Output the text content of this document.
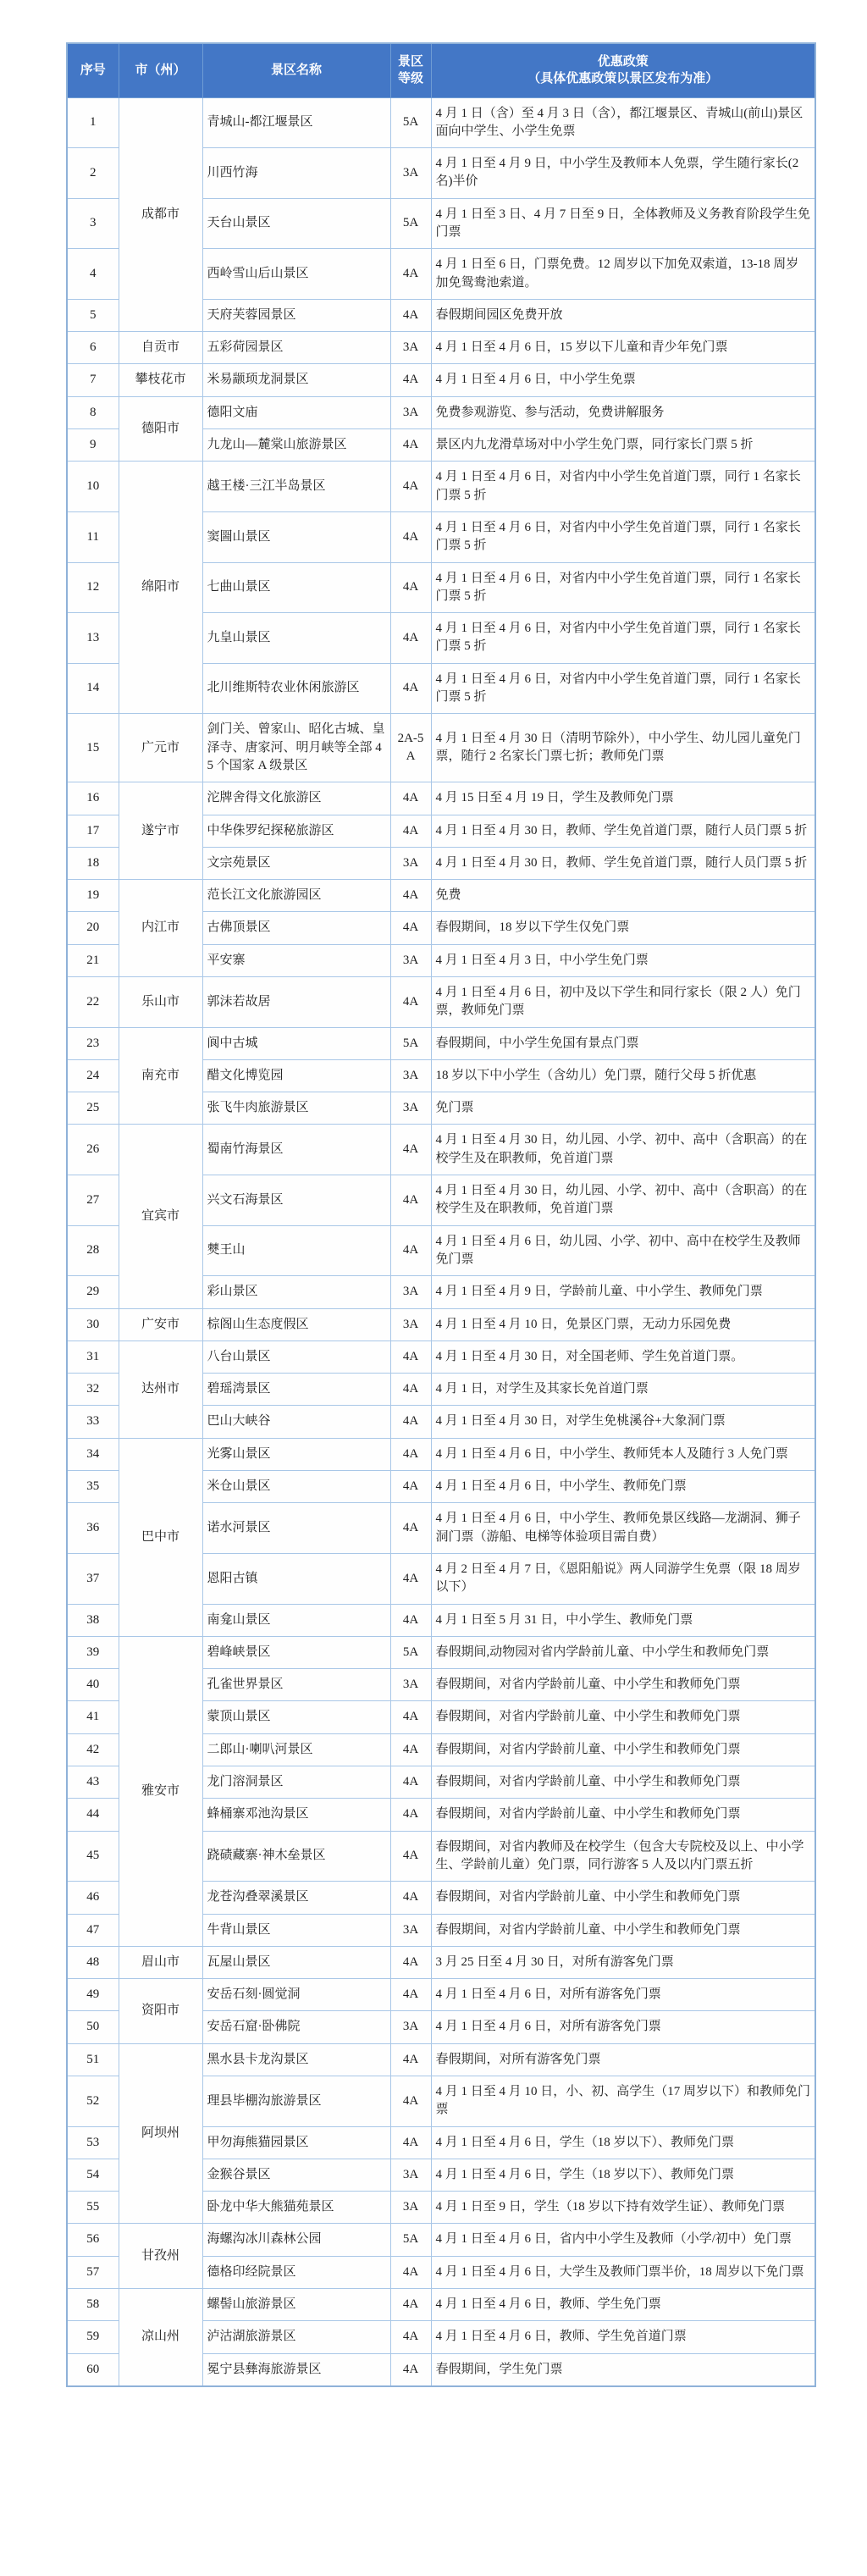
序号	市（州）	景区名称	景区等级	优惠政策
（具体优惠政策以景区发布为准）

1	成都市	青城山-都江堰景区	5A	4 月 1 日（含）至 4 月 3 日（含），都江堰景区、青城山(前山)景区面向中学生、小学生免票
2		川西竹海	3A	4 月 1 日至 4 月 9 日，中小学生及教师本人免票，学生随行家长(2 名)半价
3		天台山景区	5A	4 月 1 日至 3 日、4 月 7 日至 9 日，全体教师及义务教育阶段学生免门票
4		西岭雪山后山景区	4A	4 月 1 日至 6 日，门票免费。12 周岁以下加免双索道，13-18 周岁加免鸳鸯池索道。
5		天府芙蓉园景区	4A	春假期间园区免费开放
6	自贡市	五彩荷园景区	3A	4 月 1 日至 4 月 6 日，15 岁以下儿童和青少年免门票
7	攀枝花市	米易颛顼龙洞景区	4A	4 月 1 日至 4 月 6 日，中小学生免票
8	德阳市	德阳文庙	3A	免费参观游览、参与活动，免费讲解服务
9		九龙山—麓棠山旅游景区	4A	景区内九龙滑草场对中小学生免门票，同行家长门票 5 折
10	绵阳市	越王楼·三江半岛景区	4A	4 月 1 日至 4 月 6 日，对省内中小学生免首道门票，同行 1 名家长门票 5 折
11		窦圌山景区	4A	4 月 1 日至 4 月 6 日，对省内中小学生免首道门票，同行 1 名家长门票 5 折
12		七曲山景区	4A	4 月 1 日至 4 月 6 日，对省内中小学生免首道门票，同行 1 名家长门票 5 折
13		九皇山景区	4A	4 月 1 日至 4 月 6 日，对省内中小学生免首道门票，同行 1 名家长门票 5 折
14		北川维斯特农业休闲旅游区	4A	4 月 1 日至 4 月 6 日，对省内中小学生免首道门票，同行 1 名家长门票 5 折
15	广元市	剑门关、曾家山、昭化古城、皇泽寺、唐家河、明月峡等全部 45 个国家 A 级景区	2A-5A	4 月 1 日至 4 月 30 日（清明节除外），中小学生、幼儿园儿童免门票，随行 2 名家长门票七折；教师免门票
16	遂宁市	沱牌舍得文化旅游区	4A	4 月 15 日至 4 月 19 日，学生及教师免门票
17		中华侏罗纪探秘旅游区	4A	4 月 1 日至 4 月 30 日，教师、学生免首道门票，随行人员门票 5 折
18		文宗苑景区	3A	4 月 1 日至 4 月 30 日，教师、学生免首道门票，随行人员门票 5 折
19	内江市	范长江文化旅游园区	4A	免费
20		古佛顶景区	4A	春假期间，18 岁以下学生仅免门票
21		平安寨	3A	4 月 1 日至 4 月 3 日，中小学生免门票
22	乐山市	郭沫若故居	4A	4 月 1 日至 4 月 6 日，初中及以下学生和同行家长（限 2 人）免门票，教师免门票
23	南充市	阆中古城	5A	春假期间，中小学生免国有景点门票
24		醋文化博览园	3A	18 岁以下中小学生（含幼儿）免门票，随行父母 5 折优惠
25		张飞牛肉旅游景区	3A	免门票
26	宜宾市	蜀南竹海景区	4A	4 月 1 日至 4 月 30 日，幼儿园、小学、初中、高中（含职高）的在校学生及在职教师，免首道门票
27		兴文石海景区	4A	4 月 1 日至 4 月 30 日，幼儿园、小学、初中、高中（含职高）的在校学生及在职教师，免首道门票
28		僰王山	4A	4 月 1 日至 4 月 6 日，幼儿园、小学、初中、高中在校学生及教师免门票
29		彩山景区	3A	4 月 1 日至 4 月 9 日，学龄前儿童、中小学生、教师免门票
30	广安市	棕阁山生态度假区	3A	4 月 1 日至 4 月 10 日，免景区门票，无动力乐园免费
31	达州市	八台山景区	4A	4 月 1 日至 4 月 30 日，对全国老师、学生免首道门票。
32		碧瑶湾景区	4A	4 月 1 日，对学生及其家长免首道门票
33		巴山大峡谷	4A	4 月 1 日至 4 月 30 日，对学生免桃溪谷+大象洞门票
34	巴中市	光雾山景区	4A	4 月 1 日至 4 月 6 日，中小学生、教师凭本人及随行 3 人免门票
35		米仓山景区	4A	4 月 1 日至 4 月 6 日，中小学生、教师免门票
36		诺水河景区	4A	4 月 1 日至 4 月 6 日，中小学生、教师免景区线路—龙湖洞、狮子洞门票（游船、电梯等体验项目需自费）
37		恩阳古镇	4A	4 月 2 日至 4 月 7 日，《恩阳船说》两人同游学生免票（限 18 周岁以下）
38		南龛山景区	4A	4 月 1 日至 5 月 31 日，中小学生、教师免门票
39	雅安市	碧峰峡景区	5A	春假期间,动物园对省内学龄前儿童、中小学生和教师免门票
40		孔雀世界景区	3A	春假期间，对省内学龄前儿童、中小学生和教师免门票
41		蒙顶山景区	4A	春假期间，对省内学龄前儿童、中小学生和教师免门票
42		二郎山·喇叭河景区	4A	春假期间，对省内学龄前儿童、中小学生和教师免门票
43		龙门溶洞景区	4A	春假期间，对省内学龄前儿童、中小学生和教师免门票
44		蜂桶寨邓池沟景区	4A	春假期间，对省内学龄前儿童、中小学生和教师免门票
45		跷碛藏寨·神木垒景区	4A	春假期间，对省内教师及在校学生（包含大专院校及以上、中小学生、学龄前儿童）免门票，同行游客 5 人及以内门票五折
46		龙苍沟叠翠溪景区	4A	春假期间，对省内学龄前儿童、中小学生和教师免门票
47		牛背山景区	3A	春假期间，对省内学龄前儿童、中小学生和教师免门票
48	眉山市	瓦屋山景区	4A	3 月 25 日至 4 月 30 日，对所有游客免门票
49	资阳市	安岳石刻·圆觉洞	4A	4 月 1 日至 4 月 6 日，对所有游客免门票
50		安岳石窟·卧佛院	3A	4 月 1 日至 4 月 6 日，对所有游客免门票
51	阿坝州	黑水县卡龙沟景区	4A	春假期间，对所有游客免门票
52		理县毕棚沟旅游景区	4A	4 月 1 日至 4 月 10 日，小、初、高学生（17 周岁以下）和教师免门票
53		甲勿海熊猫园景区	4A	4 月 1 日至 4 月 6 日，学生（18 岁以下）、教师免门票
54		金猴谷景区	3A	4 月 1 日至 4 月 6 日，学生（18 岁以下）、教师免门票
55		卧龙中华大熊猫苑景区	3A	4 月 1 日至 9 日，学生（18 岁以下持有效学生证）、教师免门票
56	甘孜州	海螺沟冰川森林公园	5A	4 月 1 日至 4 月 6 日，省内中小学生及教师（小学/初中）免门票
57		德格印经院景区	4A	4 月 1 日至 4 月 6 日，大学生及教师门票半价，18 周岁以下免门票
58	凉山州	螺髻山旅游景区	4A	4 月 1 日至 4 月 6 日，教师、学生免门票
59		泸沽湖旅游景区	4A	4 月 1 日至 4 月 6 日，教师、学生免首道门票
60		冕宁县彝海旅游景区	4A	春假期间，学生免门票
